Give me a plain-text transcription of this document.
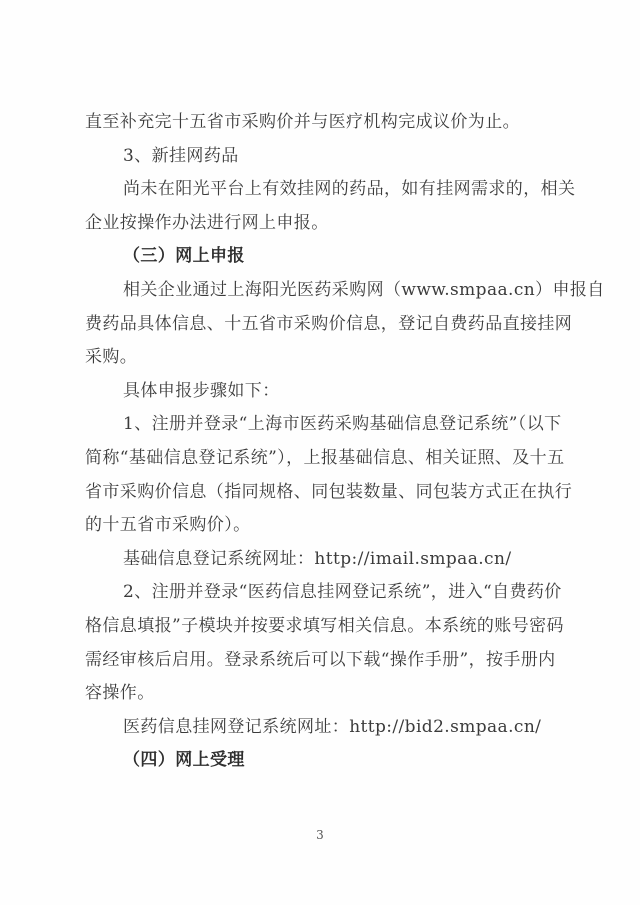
直至补充完十五省市采购价并与医疗机构完成议价为止。
3、新挂网药品
尚未在阳光平台上有效挂网的药品，如有挂网需求的，相关
企业按操作办法进行网上申报。
（三）网上申报
相关企业通过上海阳光医药采购网（www.smpaa.cn）申报自
费药品具体信息、十五省市采购价信息，登记自费药品直接挂网
采购。
具体申报步骤如下：
1、注册并登录“上海市医药采购基础信息登记系统”（以下
简称“基础信息登记系统”），上报基础信息、相关证照、及十五
省市采购价信息（指同规格、同包装数量、同包装方式正在执行
的十五省市采购价）。
基础信息登记系统网址：http://imail.smpaa.cn/
2、注册并登录“医药信息挂网登记系统”，进入“自费药价
格信息填报”子模块并按要求填写相关信息。本系统的账号密码
需经审核后启用。登录系统后可以下载“操作手册”，按手册内
容操作。
医药信息挂网登记系统网址：http://bid2.smpaa.cn/
（四）网上受理
3
